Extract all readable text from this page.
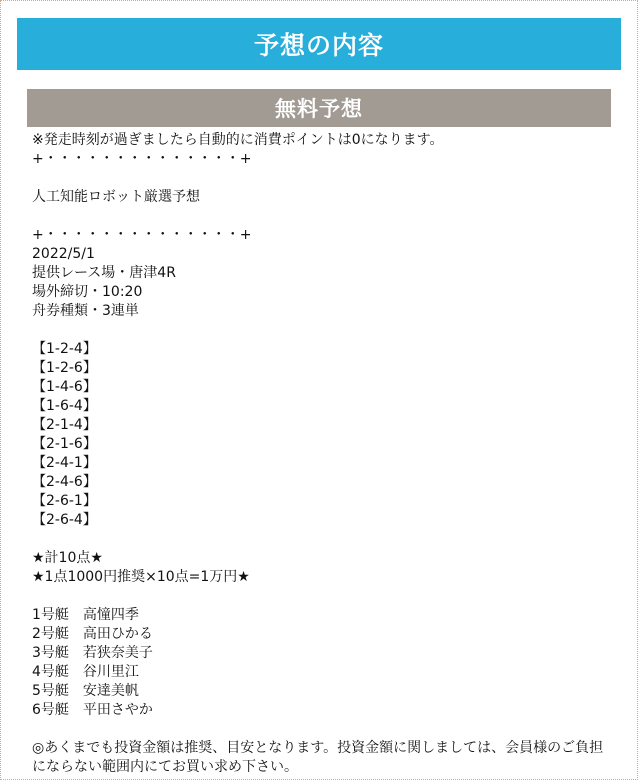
予想の内容
無料予想
※発走時刻が過ぎましたら自動的に消費ポイントは0になります。
+・・・・・・・・・・・・・・+
人工知能ロボット厳選予想
+・・・・・・・・・・・・・・+
2022/5/1
提供レース場・唐津4R
場外締切・10:20
舟券種類・3連単
【1-2-4】
【1-2-6】
【1-4-6】
【1-6-4】
【2-1-4】
【2-1-6】
【2-4-1】
【2-4-6】
【2-6-1】
【2-6-4】
★計10点★
★1点1000円推奨×10点=1万円★
1号艇　高憧四季
2号艇　高田ひかる
3号艇　若狭奈美子
4号艇　谷川里江
5号艇　安達美帆
6号艇　平田さやか
◎あくまでも投資金額は推奨、目安となります。投資金額に関しましては、会員様のご負担にならない範囲内にてお買い求め下さい。
